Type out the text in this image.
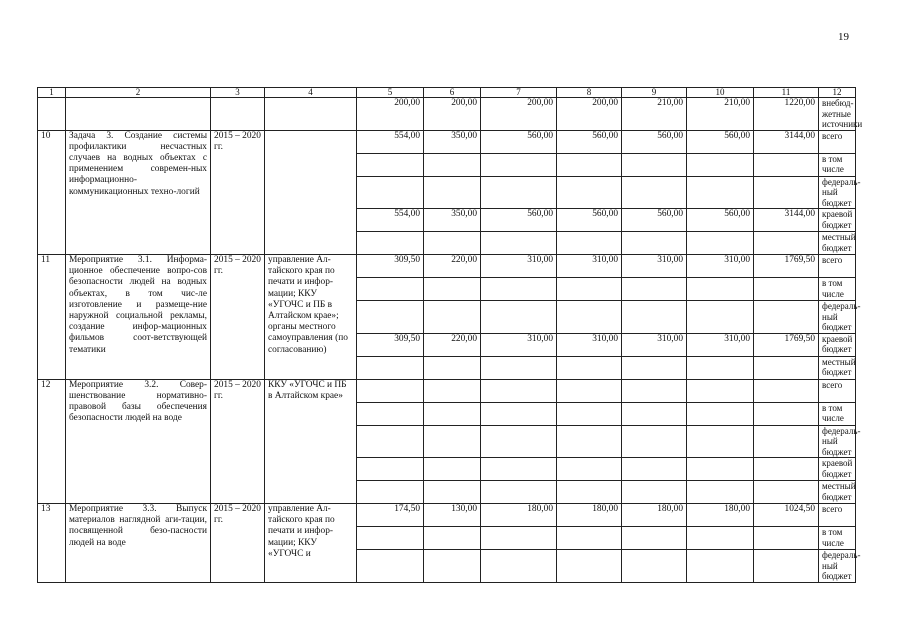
19
1	2	3	4	5	6	7	8	9	10	11	12
				200,00	200,00	200,00	200,00	210,00	210,00	1220,00	внебюд-жетные источники
10	Задача 3. Создание системы профилактики несчастных случаев на водных объектах с применением современ-ных информационно-коммуникационных техно-логий	2015 – 2020 гг.		554,00	350,00	560,00	560,00	560,00	560,00	3144,00	всего
											в том числе
											федераль-ный бюджет
				554,00	350,00	560,00	560,00	560,00	560,00	3144,00	краевой бюджет
											местный бюджет
11	Мероприятие 3.1. Информа-ционное обеспечение вопро-сов безопасности людей на водных объектах, в том чис-ле изготовление и размеще-ние наружной социальной рекламы, создание инфор-мационных фильмов соот-ветствующей тематики	2015 – 2020 гг.	управление Ал-тайского края по печати и инфор-мации; ККУ «УГОЧС и ПБ в Алтайском крае»; органы местного самоуправления (по согласованию)	309,50	220,00	310,00	310,00	310,00	310,00	1769,50	всего
											в том числе
											федераль-ный бюджет
				309,50	220,00	310,00	310,00	310,00	310,00	1769,50	краевой бюджет
											местный бюджет
12	Мероприятие 3.2. Совер-шенствование нормативно-правовой базы обеспечения безопасности людей на воде	2015 – 2020 гг.	ККУ «УГОЧС и ПБ в Алтайском крае»								всего
											в том числе
											федераль-ный бюджет
											краевой бюджет
											местный бюджет
13	Мероприятие 3.3. Выпуск материалов наглядной аги-тации, посвященной безо-пасности людей на воде	2015 – 2020 гг.	управление Ал-тайского края по печати и инфор-мации; ККУ «УГОЧС и	174,50	130,00	180,00	180,00	180,00	180,00	1024,50	всего
											в том числе
											федераль-ный бюджет
